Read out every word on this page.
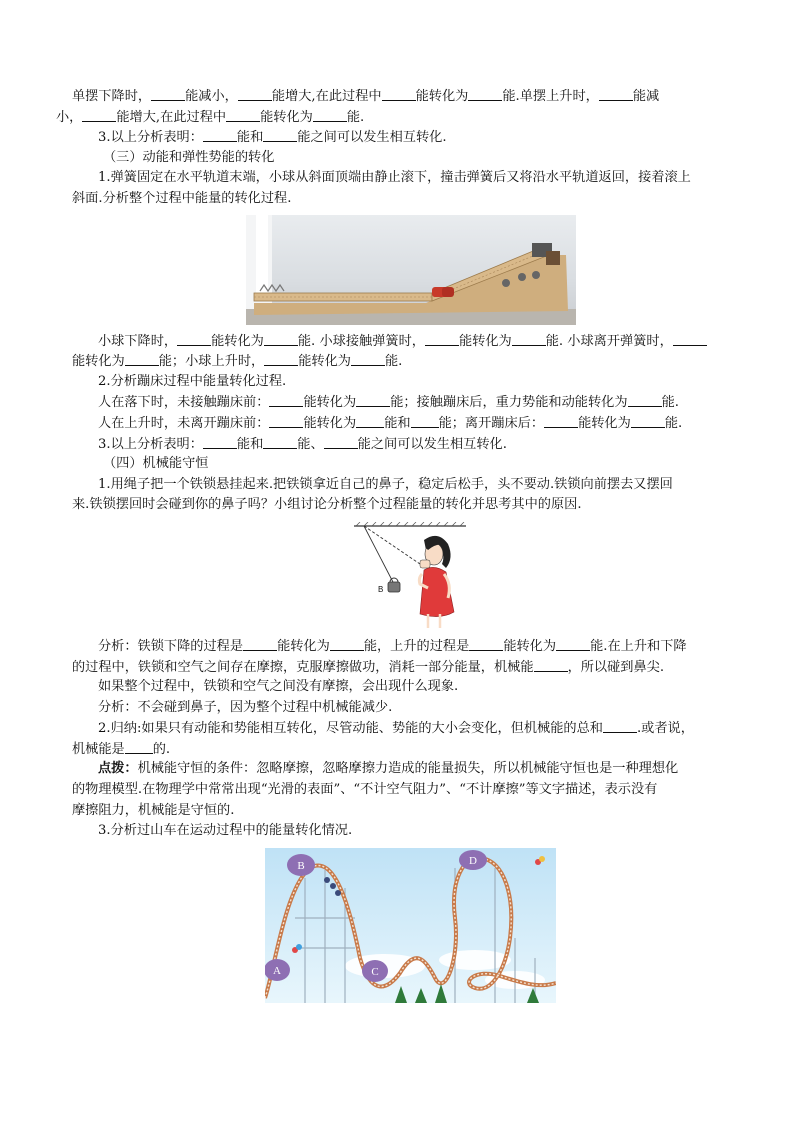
单摆下降时，	能减小，	能增大,在此过程中	能转化为	能.单摆上升时，	能减
小，	能增大,在此过程中	能转化为	能.
3.以上分析表明：	能和	能之间可以发生相互转化.
（三）动能和弹性势能的转化
1.弹簧固定在水平轨道末端，小球从斜面顶端由静止滚下，撞击弹簧后又将沿水平轨道返回，接着滚上
斜面.分析整个过程中能量的转化过程.
小球下降时，	能转化为	能. 小球接触弹簧时，	能转化为	能. 小球离开弹簧时，
能转化为	能；小球上升时，	能转化为	能.
2.分析蹦床过程中能量转化过程.
人在落下时，未接触蹦床前：	能转化为	能；接触蹦床后，重力势能和动能转化为	能.
人在上升时，未离开蹦床前：	能转化为 能和 能；离开蹦床后：	能转化为	能.
3.以上分析表明：	能和	能、	能之间可以发生相互转化.
（四）机械能守恒
1.用绳子把一个铁锁悬挂起来.把铁锁拿近自己的鼻子，稳定后松手，头不要动.铁锁向前摆去又摆回
来.铁锁摆回时会碰到你的鼻子吗？小组讨论分析整个过程能量的转化并思考其中的原因.
B
分析：铁锁下降的过程是	能转化为	能，上升的过程是	能转化为	能.在上升和下降
的过程中，铁锁和空气之间存在摩擦，克服摩擦做功，消耗一部分能量，机械能	，所以碰到鼻尖.
如果整个过程中，铁锁和空气之间没有摩擦，会出现什么现象.
分析：不会碰到鼻子，因为整个过程中机械能减少.
2.归纳:如果只有动能和势能相互转化，尽管动能、势能的大小会变化，但机械能的总和	.或者说，
机械能是 的.
点拨：机械能守恒的条件：忽略摩擦，忽略摩擦力造成的能量损失，所以机械能守恒也是一种理想化
的物理模型.在物理学中常常出现“光滑的表面”、“不计空气阻力”、“不计摩擦”等文字描述，表示没有
摩擦阻力，机械能是守恒的.
3.分析过山车在运动过程中的能量转化情况.
A
B
C
D
